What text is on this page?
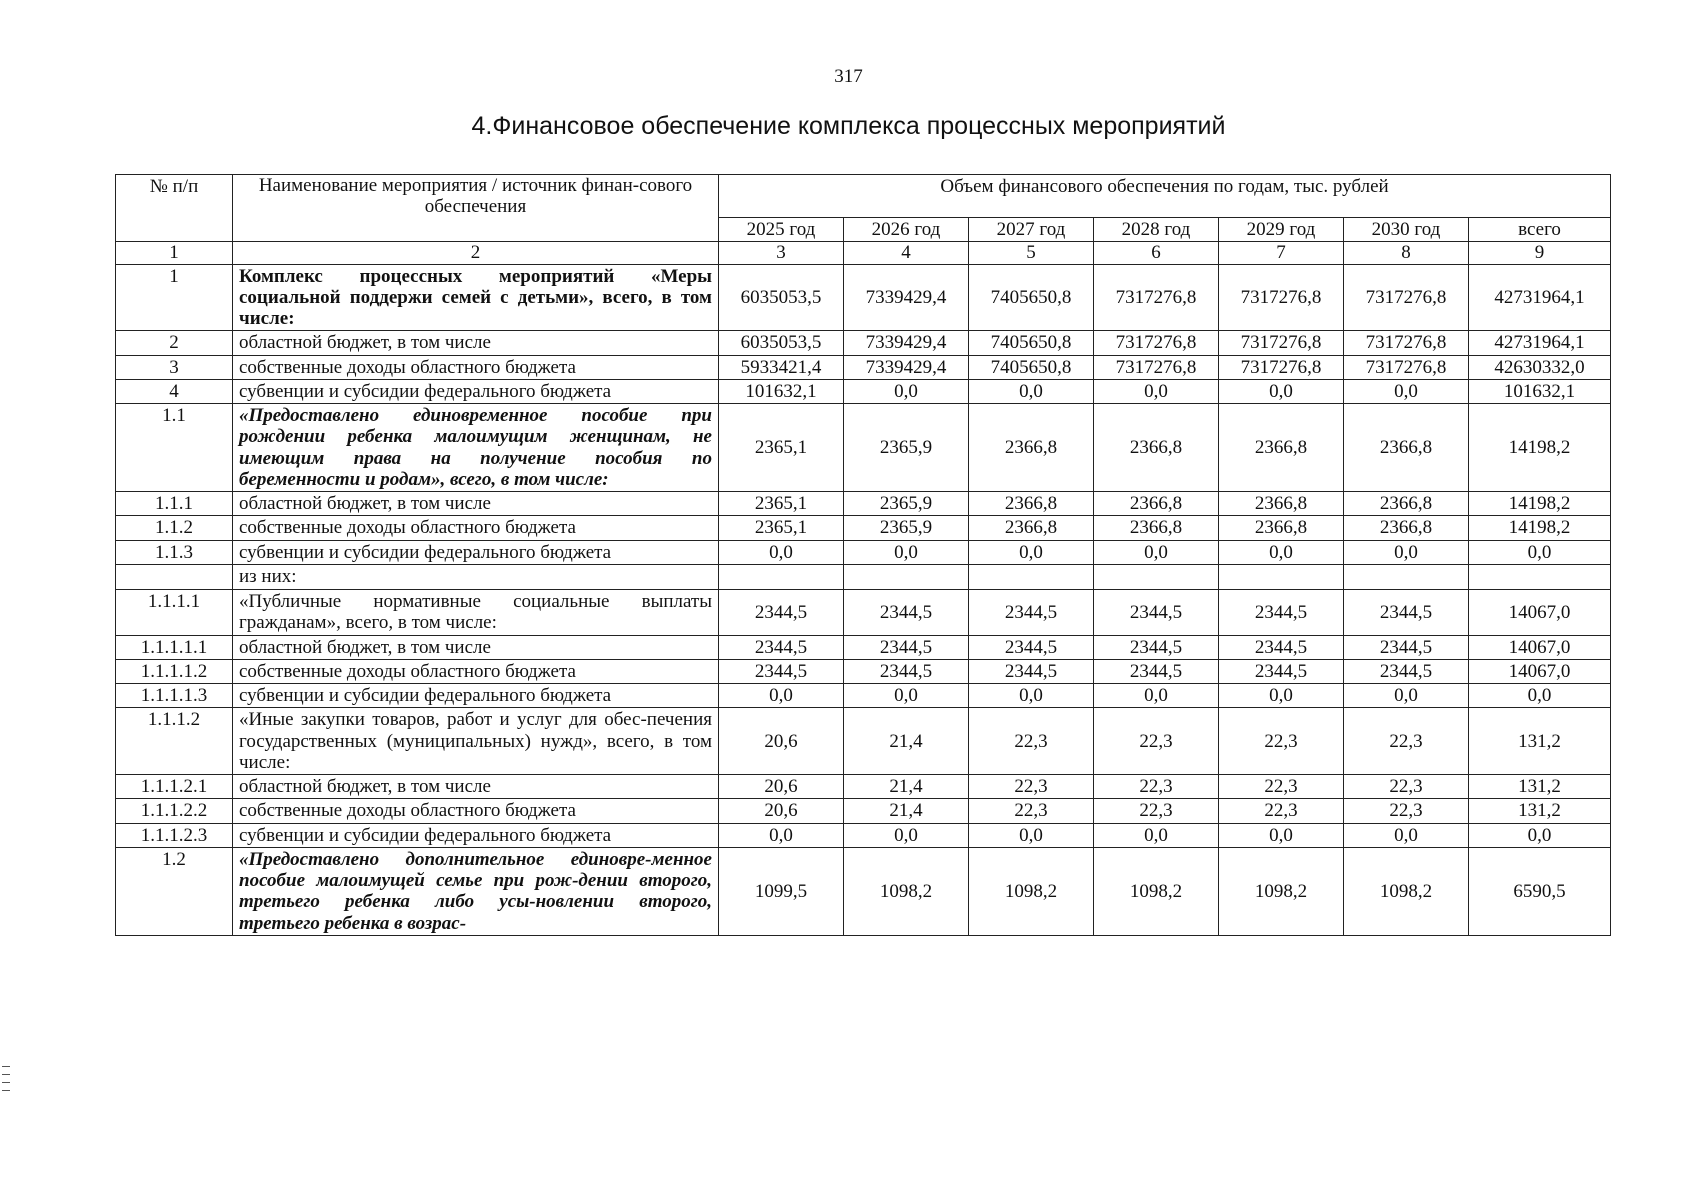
317
4.Финансовое обеспечение комплекса процессных мероприятий
№ п/п	Наименование мероприятия / источник финан-сового обеспечения	Объем финансового обеспечения по годам, тыс. рублей						
		2025 год	2026 год	2027 год	2028 год	2029 год	2030 год	всего
1	2	3	4	5	6	7	8	9
1	Комплекс процессных мероприятий «Меры социальной поддержи семей с детьми», всего, в том числе:	6035053,5	7339429,4	7405650,8	7317276,8	7317276,8	7317276,8	42731964,1
2	областной бюджет, в том числе	6035053,5	7339429,4	7405650,8	7317276,8	7317276,8	7317276,8	42731964,1
3	собственные доходы областного бюджета	5933421,4	7339429,4	7405650,8	7317276,8	7317276,8	7317276,8	42630332,0
4	субвенции и субсидии федерального бюджета	101632,1	0,0	0,0	0,0	0,0	0,0	101632,1
1.1	«Предоставлено единовременное пособие при рождении ребенка малоимущим женщинам, не имеющим права на получение пособия по беременности и родам», всего, в том числе:	2365,1	2365,9	2366,8	2366,8	2366,8	2366,8	14198,2
1.1.1	областной бюджет, в том числе	2365,1	2365,9	2366,8	2366,8	2366,8	2366,8	14198,2
1.1.2	собственные доходы областного бюджета	2365,1	2365,9	2366,8	2366,8	2366,8	2366,8	14198,2
1.1.3	субвенции и субсидии федерального бюджета	0,0	0,0	0,0	0,0	0,0	0,0	0,0
	из них:							
1.1.1.1	«Публичные нормативные социальные выплаты гражданам», всего, в том числе:	2344,5	2344,5	2344,5	2344,5	2344,5	2344,5	14067,0
1.1.1.1.1	областной бюджет, в том числе	2344,5	2344,5	2344,5	2344,5	2344,5	2344,5	14067,0
1.1.1.1.2	собственные доходы областного бюджета	2344,5	2344,5	2344,5	2344,5	2344,5	2344,5	14067,0
1.1.1.1.3	субвенции и субсидии федерального бюджета	0,0	0,0	0,0	0,0	0,0	0,0	0,0
1.1.1.2	«Иные закупки товаров, работ и услуг для обес-печения государственных (муниципальных) нужд», всего, в том числе:	20,6	21,4	22,3	22,3	22,3	22,3	131,2
1.1.1.2.1	областной бюджет, в том числе	20,6	21,4	22,3	22,3	22,3	22,3	131,2
1.1.1.2.2	собственные доходы областного бюджета	20,6	21,4	22,3	22,3	22,3	22,3	131,2
1.1.1.2.3	субвенции и субсидии федерального бюджета	0,0	0,0	0,0	0,0	0,0	0,0	0,0
1.2	«Предоставлено дополнительное единовре-менное пособие малоимущей семье при рож-дении второго, третьего ребенка либо усы-новлении второго, третьего ребенка в возрас-	1099,5	1098,2	1098,2	1098,2	1098,2	1098,2	6590,5
